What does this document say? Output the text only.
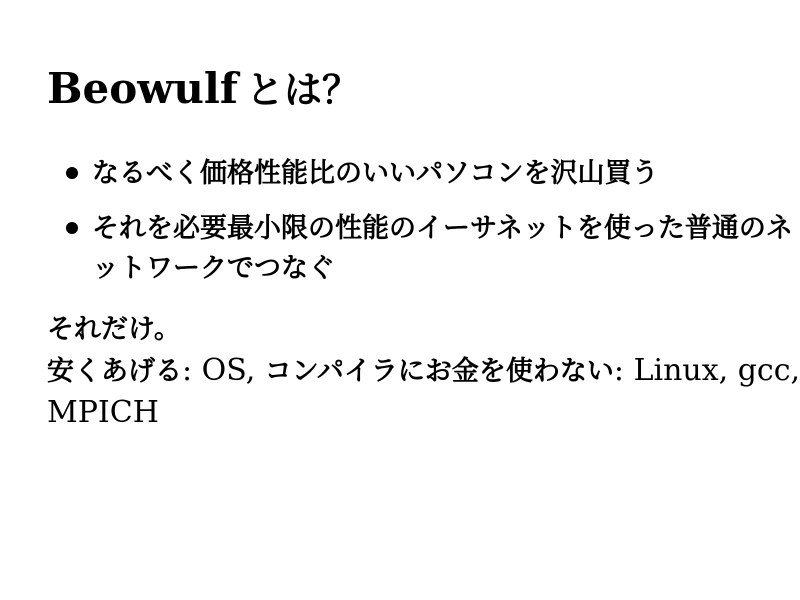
Beowulf とは？
なるべく価格性能比のいいパソコンを沢山買う
それを必要最小限の性能のイーサネットを使った普通のネ
ットワークでつなぐ
それだけ。
安くあげる: OS, コンパイラにお金を使わない: Linux, gcc,
MPICH
